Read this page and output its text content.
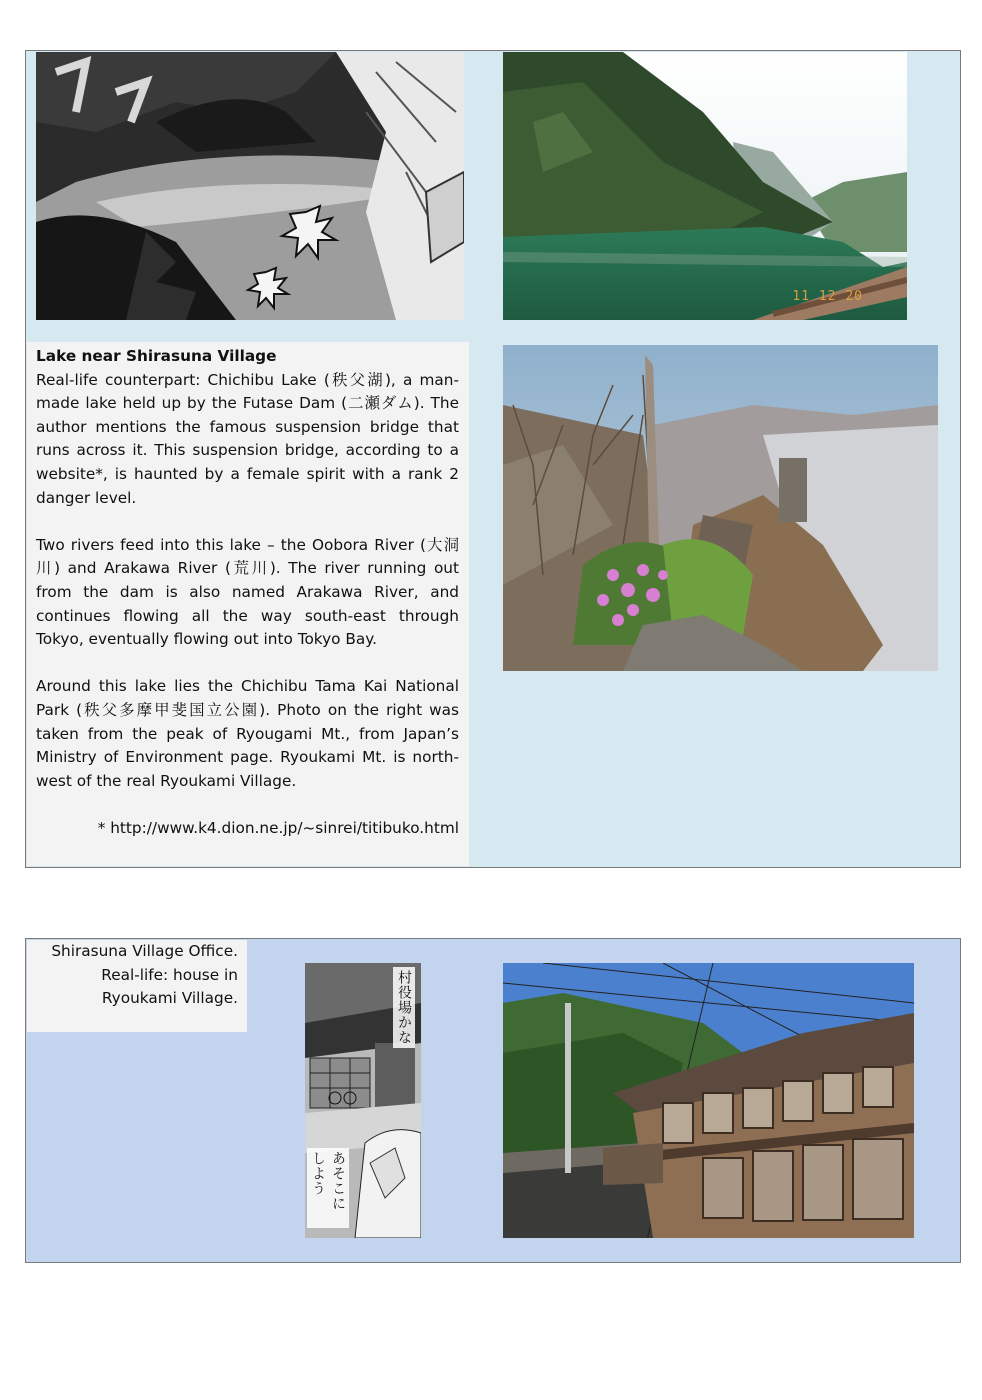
11 12 20

Lake near Shirasuna Village
Real-life counterpart: Chichibu Lake (秩父湖), a man-made lake held up by the Futase Dam (二瀬ダム). The author mentions the famous suspension bridge that runs across it. This suspension bridge, according to a website*, is haunted by a female spirit with a rank 2 danger level.

Two rivers feed into this lake – the Oobora River (大洞川) and Arakawa River (荒川). The river running out from the dam is also named Arakawa River, and continues flowing all the way south-east through Tokyo, eventually flowing out into Tokyo Bay.

Around this lake lies the Chichibu Tama Kai National Park (秩父多摩甲斐国立公園). Photo on the right was taken from the peak of Ryougami Mt., from Japan’s Ministry of Environment page. Ryoukami Mt. is north-west of the real Ryoukami Village.

* http://www.k4.dion.ne.jp/~sinrei/titibuko.html

Shirasuna Village Office.
Real-life: house in
Ryoukami Village.	村役場かな
あそこにしよう
